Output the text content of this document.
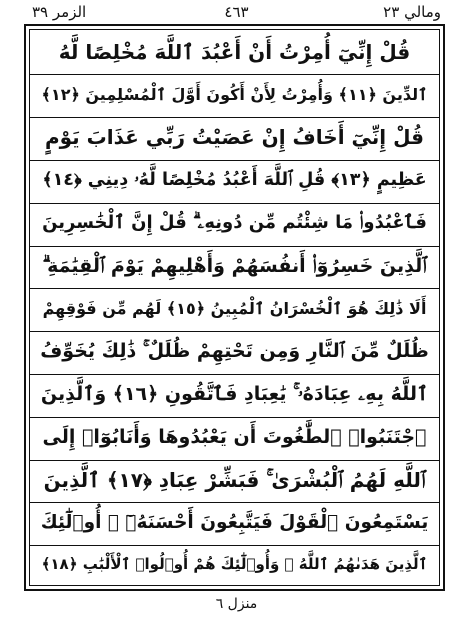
ومالي ٢٣
٤٦٣
الزمر ٣٩
قُلْ إِنِّيٓ أُمِرْتُ أَنْ أَعْبُدَ ٱللَّهَ مُخْلِصًا لَّهُ
ٱلدِّينَ ﴿١١﴾ وَأُمِرْتُ لِأَنْ أَكُونَ أَوَّلَ ٱلْمُسْلِمِينَ ﴿١٢﴾
قُلْ إِنِّيٓ أَخَافُ إِنْ عَصَيْتُ رَبِّي عَذَابَ يَوْمٍ
عَظِيمٍ ﴿١٣﴾ قُلِ ٱللَّهَ أَعْبُدُ مُخْلِصًا لَّهُۥ دِينِي ﴿١٤﴾
فَٱعْبُدُوا۟ مَا شِئْتُم مِّن دُونِهِۦ ۗ قُلْ إِنَّ ٱلْخَٰسِرِينَ
ٱلَّذِينَ خَسِرُوٓا۟ أَنفُسَهُمْ وَأَهْلِيهِمْ يَوْمَ ٱلْقِيَٰمَةِ ۗ
أَلَا ذَٰلِكَ هُوَ ٱلْخُسْرَانُ ٱلْمُبِينُ ﴿١٥﴾ لَهُم مِّن فَوْقِهِمْ
ظُلَلٌ مِّنَ ٱلنَّارِ وَمِن تَحْتِهِمْ ظُلَلٌ ۚ ذَٰلِكَ يُخَوِّفُ
ٱللَّهُ بِهِۦ عِبَادَهُۥ ۚ يَٰعِبَادِ فَٱتَّقُونِ ﴿١٦﴾ وَٱلَّذِينَ
ٱجْتَنَبُوا۟ ٱلطَّٰغُوتَ أَن يَعْبُدُوهَا وَأَنَابُوٓا۟ إِلَى
ٱللَّهِ لَهُمُ ٱلْبُشْرَىٰ ۚ فَبَشِّرْ عِبَادِ ﴿١٧﴾ ٱلَّذِينَ
يَسْتَمِعُونَ ٱلْقَوْلَ فَيَتَّبِعُونَ أَحْسَنَهُۥٓ ۚ أُو۟لَٰٓئِكَ
ٱلَّذِينَ هَدَىٰهُمُ ٱللَّهُ ۖ وَأُو۟لَٰٓئِكَ هُمْ أُو۟لُوا۟ ٱلْأَلْبَٰبِ ﴿١٨﴾
منزل ٦
